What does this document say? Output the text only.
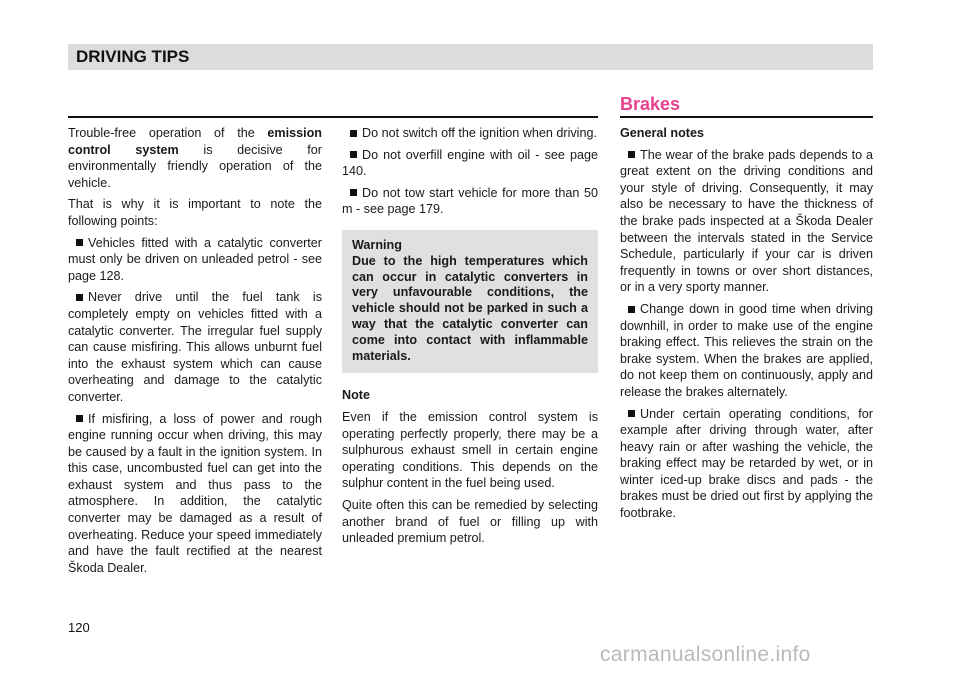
DRIVING TIPS
Brakes

Trouble-free operation of the emission control system is decisive for environmentally friendly operation of the vehicle.

That is why it is important to note the following points:

Vehicles fitted with a catalytic converter must only be driven on unleaded petrol - see page 128.

Never drive until the fuel tank is completely empty on vehicles fitted with a catalytic converter. The irregular fuel supply can cause misfiring. This allows unburnt fuel into the exhaust system which can cause overheating and damage to the catalytic converter.

If misfiring, a loss of power and rough engine running occur when driving, this may be caused by a fault in the ignition system. In this case, uncombusted fuel can get into the exhaust system and thus pass to the atmosphere. In addition, the catalytic converter may be damaged as a result of overheating. Reduce your speed immediately and have the fault rectified at the nearest Škoda Dealer.

Do not switch off the ignition when driving.

Do not overfill engine with oil - see page 140.

Do not tow start vehicle for more than 50 m - see page 179.

Warning
Due to the high temperatures which can occur in catalytic converters in very unfavourable conditions, the vehicle should not be parked in such a way that the catalytic converter can come into contact with inflammable materials.

Note

Even if the emission control system is operating perfectly properly, there may be a sulphurous exhaust smell in certain engine operating conditions. This depends on the sulphur content in the fuel being used.

Quite often this can be remedied by selecting another brand of fuel or filling up with unleaded premium petrol.

General notes

The wear of the brake pads depends to a great extent on the driving conditions and your style of driving. Consequently, it may also be necessary to have the thickness of the brake pads inspected at a Škoda Dealer between the intervals stated in the Service Schedule, particularly if your car is driven frequently in towns or over short distances, or in a very sporty manner.

Change down in good time when driving downhill, in order to make use of the engine braking effect. This relieves the strain on the brake system. When the brakes are applied, do not keep them on continuously, apply and release the brakes alternately.

Under certain operating conditions, for example after driving through water, after heavy rain or after washing the vehicle, the braking effect may be retarded by wet, or in winter iced-up brake discs and pads - the brakes must be dried out first by applying the footbrake.

120
carmanualsonline.info
